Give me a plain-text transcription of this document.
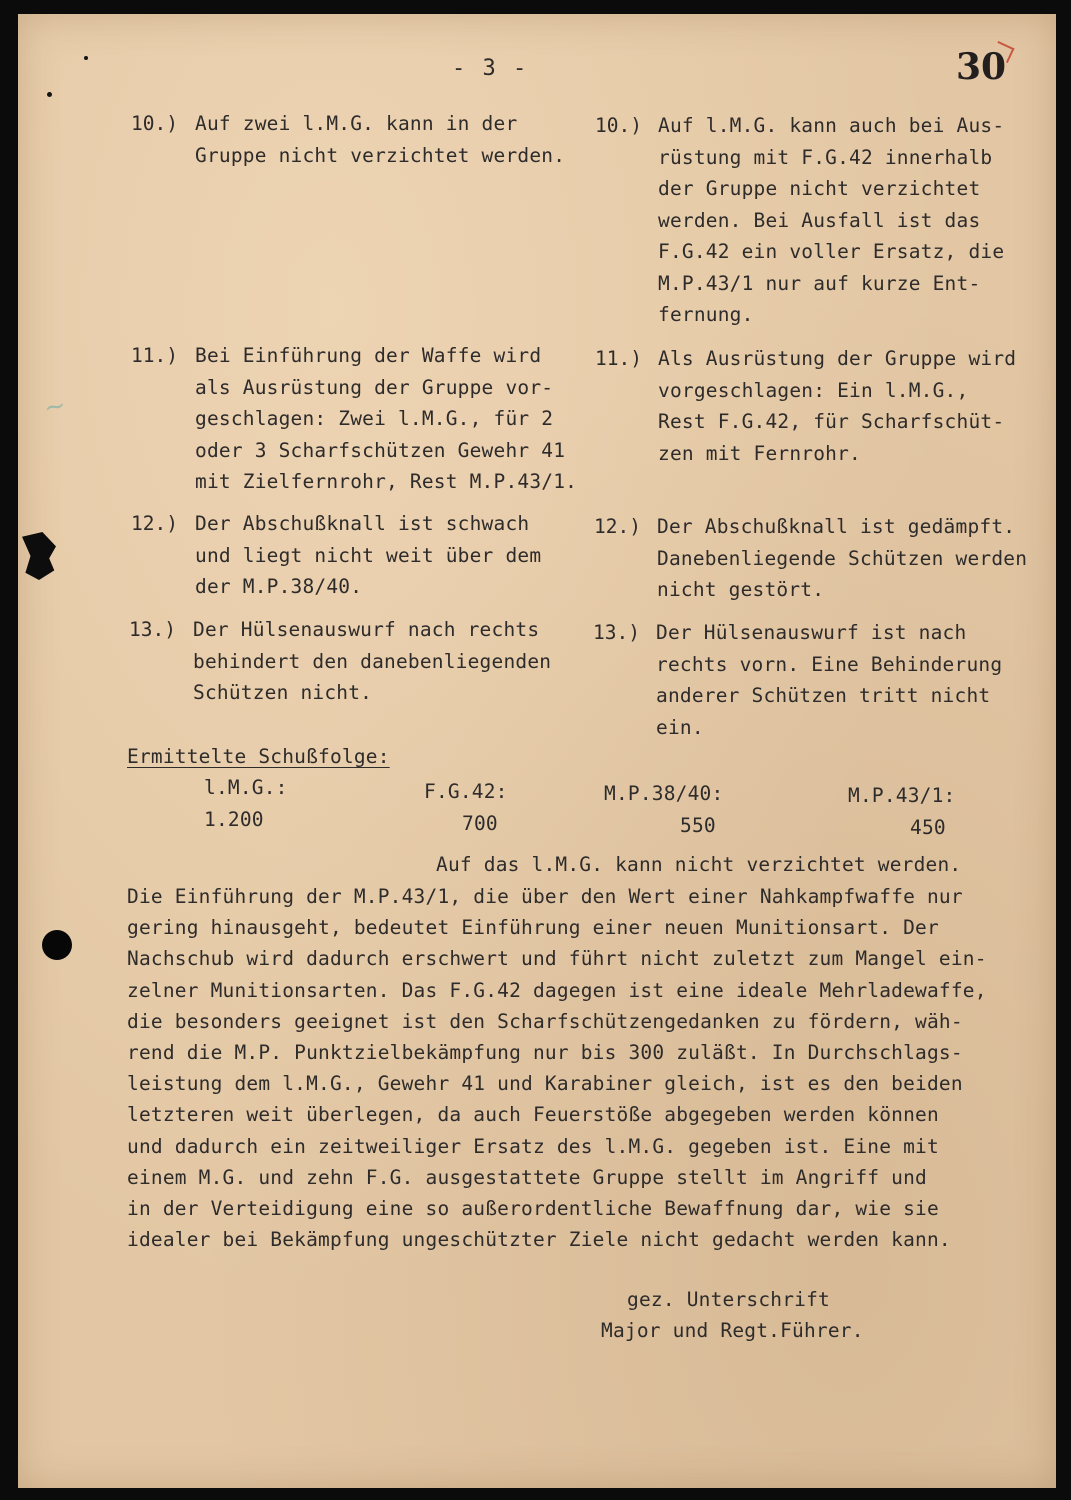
~
- 3 -	30
10.) Auf zwei l.M.G. kann in der
Gruppe nicht verzichtet werden.
10.) Auf l.M.G. kann auch bei Aus-
rüstung mit F.G.42 innerhalb
der Gruppe nicht verzichtet
werden. Bei Ausfall ist das
F.G.42 ein voller Ersatz, die
M.P.43/1 nur auf kurze Ent-
fernung.
11.) Bei Einführung der Waffe wird
als Ausrüstung der Gruppe vor-
geschlagen: Zwei l.M.G., für 2
oder 3 Scharfschützen Gewehr 41
mit Zielfernrohr, Rest M.P.43/1.
11.) Als Ausrüstung der Gruppe wird
vorgeschlagen: Ein l.M.G.,
Rest F.G.42, für Scharfschüt-
zen mit Fernrohr.
12.) Der Abschußknall ist schwach
und liegt nicht weit über dem
der M.P.38/40.
12.) Der Abschußknall ist gedämpft.
Danebenliegende Schützen werden
nicht gestört.
13.) Der Hülsenauswurf nach rechts
behindert den danebenliegenden
Schützen nicht.
13.) Der Hülsenauswurf ist nach
rechts vorn. Eine Behinderung
anderer Schützen tritt nicht
ein.
Ermittelte Schußfolge:
l.M.G.:
1.200
F.G.42:
700
M.P.38/40:
550
M.P.43/1:
450
Auf das l.M.G. kann nicht verzichtet werden.
Die Einführung der M.P.43/1, die über den Wert einer Nahkampfwaffe nur
gering hinausgeht, bedeutet Einführung einer neuen Munitionsart. Der
Nachschub wird dadurch erschwert und führt nicht zuletzt zum Mangel ein-
zelner Munitionsarten. Das F.G.42 dagegen ist eine ideale Mehrladewaffe,
die besonders geeignet ist den Scharfschützengedanken zu fördern, wäh-
rend die M.P. Punktzielbekämpfung nur bis 300 zuläßt. In Durchschlags-
leistung dem l.M.G., Gewehr 41 und Karabiner gleich, ist es den beiden
letzteren weit überlegen, da auch Feuerstöße abgegeben werden können
und dadurch ein zeitweiliger Ersatz des l.M.G. gegeben ist. Eine mit
einem M.G. und zehn F.G. ausgestattete Gruppe stellt im Angriff und
in der Verteidigung eine so außerordentliche Bewaffnung dar, wie sie
idealer bei Bekämpfung ungeschützter Ziele nicht gedacht werden kann.
gez. Unterschrift
Major und Regt.Führer.
